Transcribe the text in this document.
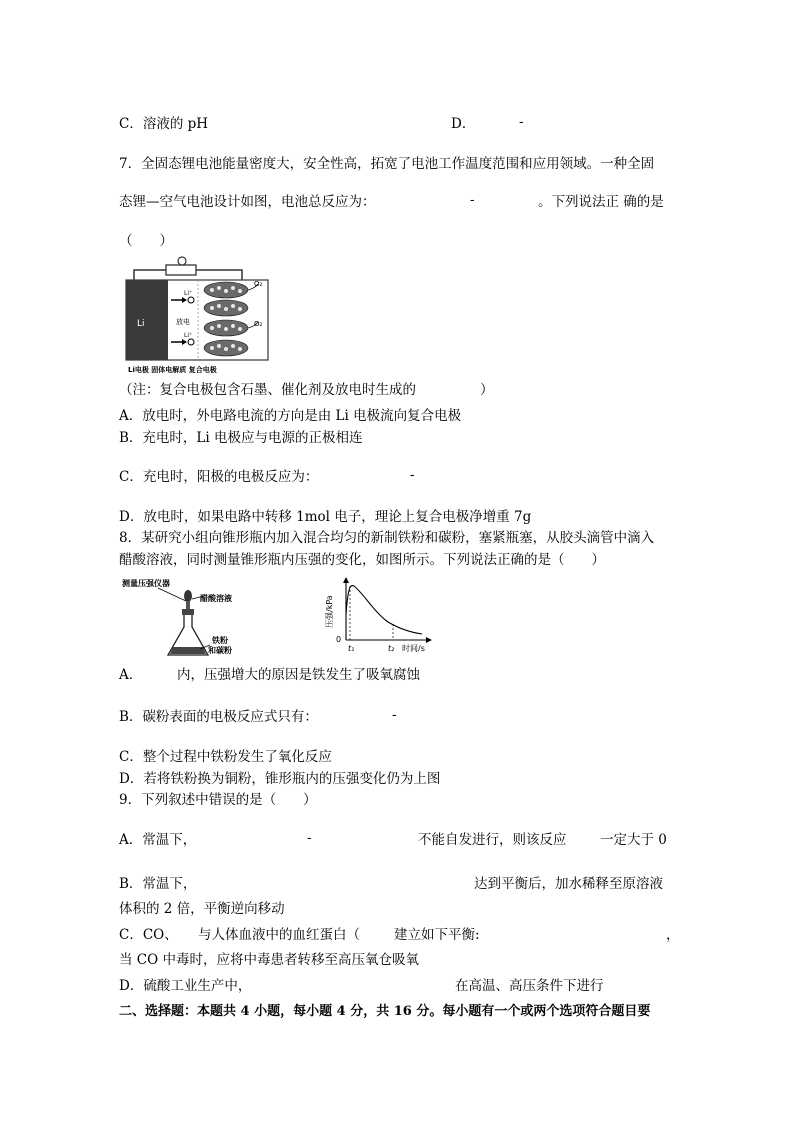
C．溶液的 pH	D．	-
7．全固态锂电池能量密度大，安全性高，拓宽了电池工作温度范围和应用领域。一种全固
态锂—空气电池设计如图，电池总反应为：	-	。下列说法正 确的是
（　　）
Li
Li⁺
Li⁺
放电
O₂
O₂
Li电极 固体电解质 复合电极
（注：复合电极包含石墨、催化剂及放电时生成的	）
A．放电时，外电路电流的方向是由 Li 电极流向复合电极
B．充电时，Li 电极应与电源的正极相连
C．充电时，阳极的电极反应为：	-
D．放电时，如果电路中转移 1mol 电子，理论上复合电极净增重 7g
8．某研究小组向锥形瓶内加入混合均匀的新制铁粉和碳粉，塞紧瓶塞，从胶头滴管中滴入
醋酸溶液，同时测量锥形瓶内压强的变化，如图所示。下列说法正确的是（　　）
测量压强仪器
醋酸溶液
铁粉
和碳粉
0
压强/kPa
t₁	t₂ 时间/s
A．	内，压强增大的原因是铁发生了吸氧腐蚀
B．碳粉表面的电极反应式只有：	-
C．整个过程中铁粉发生了氧化反应
D．若将铁粉换为铜粉，锥形瓶内的压强变化仍为上图
9．下列叙述中错误的是（　　）
A．常温下，	-	不能自发进行，则该反应 一定大于 0
B．常温下，	达到平衡后，加水稀释至原溶液
体积的 2 倍，平衡逆向移动
C．CO、 与人体血液中的血红蛋白（	建立如下平衡:	，
当 CO 中毒时，应将中毒患者转移至高压氧仓吸氧
D．硫酸工业生产中，	在高温、高压条件下进行
二、选择题：本题共 4 小题，每小题 4 分，共 16 分。每小题有一个或两个选项符合题目要
